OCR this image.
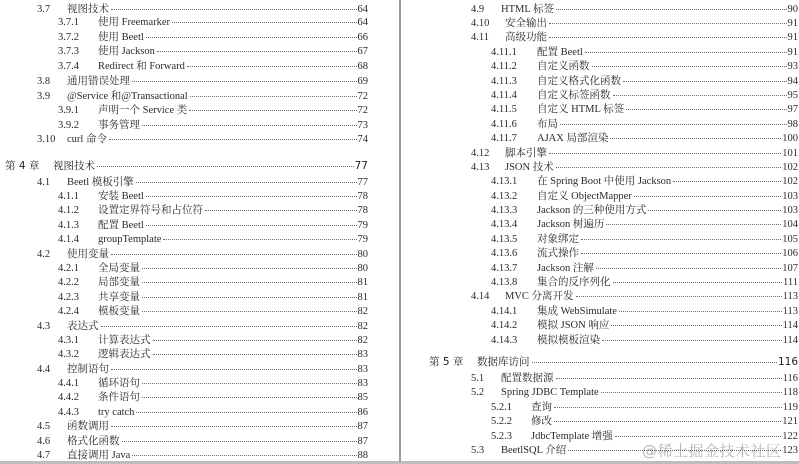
3.7	视图技术	64
3.7.1	使用 Freemarker	64
3.7.2	使用 Beetl	66
3.7.3	使用 Jackson	67
3.7.4	Redirect 和 Forward	68
3.8	通用错误处理	69
3.9	@Service 和@Transactional	72
3.9.1	声明一个 Service 类	72
3.9.2	事务管理	73
3.10	curl 命令	74
第 4 章	视图技术	77
4.1	Beetl 模板引擎	77
4.1.1	安装 Beetl	78
4.1.2	设置定界符号和占位符	78
4.1.3	配置 Beetl	79
4.1.4	groupTemplate	79
4.2	使用变量	80
4.2.1	全局变量	80
4.2.2	局部变量	81
4.2.3	共享变量	81
4.2.4	模板变量	82
4.3	表达式	82
4.3.1	计算表达式	82
4.3.2	逻辑表达式	83
4.4	控制语句	83
4.4.1	循环语句	83
4.4.2	条件语句	85
4.4.3	try catch	86
4.5	函数调用	87
4.6	格式化函数	87
4.7	直接调用 Java	88
4.9	HTML 标签	90
4.10	安全输出	91
4.11	高级功能	91
4.11.1	配置 Beetl	91
4.11.2	自定义函数	93
4.11.3	自定义格式化函数	94
4.11.4	自定义标签函数	95
4.11.5	自定义 HTML 标签	97
4.11.6	布局	98
4.11.7	AJAX 局部渲染	100
4.12	脚本引擎	101
4.13	JSON 技术	102
4.13.1	在 Spring Boot 中使用 Jackson	102
4.13.2	自定义 ObjectMapper	103
4.13.3	Jackson 的三种使用方式	103
4.13.4	Jackson 树遍历	104
4.13.5	对象绑定	105
4.13.6	流式操作	106
4.13.7	Jackson 注解	107
4.13.8	集合的反序列化	111
4.14	MVC 分离开发	113
4.14.1	集成 WebSimulate	113
4.14.2	模拟 JSON 响应	114
4.14.3	模拟模板渲染	114
第 5 章	数据库访问	116
5.1	配置数据源	116
5.2	Spring JDBC Template	118
5.2.1	查询	119
5.2.2	修改	121
5.2.3	JdbcTemplate 增强	122
5.3	BeetlSQL 介绍	123
@稀土掘金技术社区
